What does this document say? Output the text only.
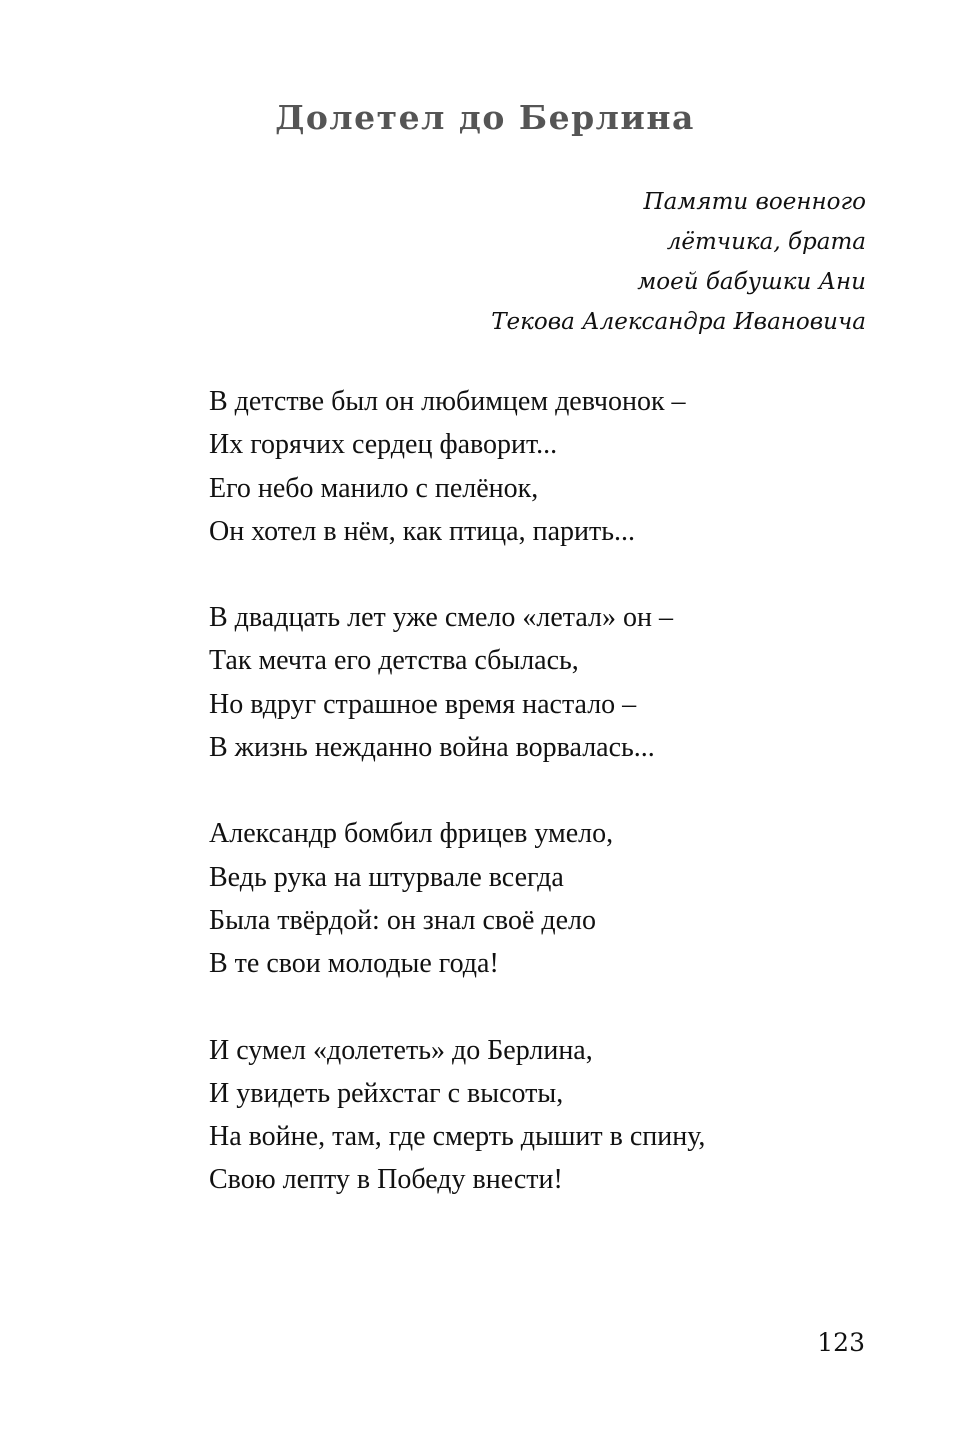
Долетел до Берлина
Памяти военного
лётчика, брата
моей бабушки Ани
Текова Александра Ивановича
В детстве был он любимцем девчонок –
Их горячих сердец фаворит...
Его небо манило с пелёнок,
Он хотел в нём, как птица, парить...
В двадцать лет уже смело «летал» он –
Так мечта его детства сбылась,
Но вдруг страшное время настало –
В жизнь нежданно война ворвалась...
Александр бомбил фрицев умело,
Ведь рука на штурвале всегда
Была твёрдой: он знал своё дело
В те свои молодые года!
И сумел «долететь» до Берлина,
И увидеть рейхстаг с высоты,
На войне, там, где смерть дышит в спину,
Свою лепту в Победу внести!
123
